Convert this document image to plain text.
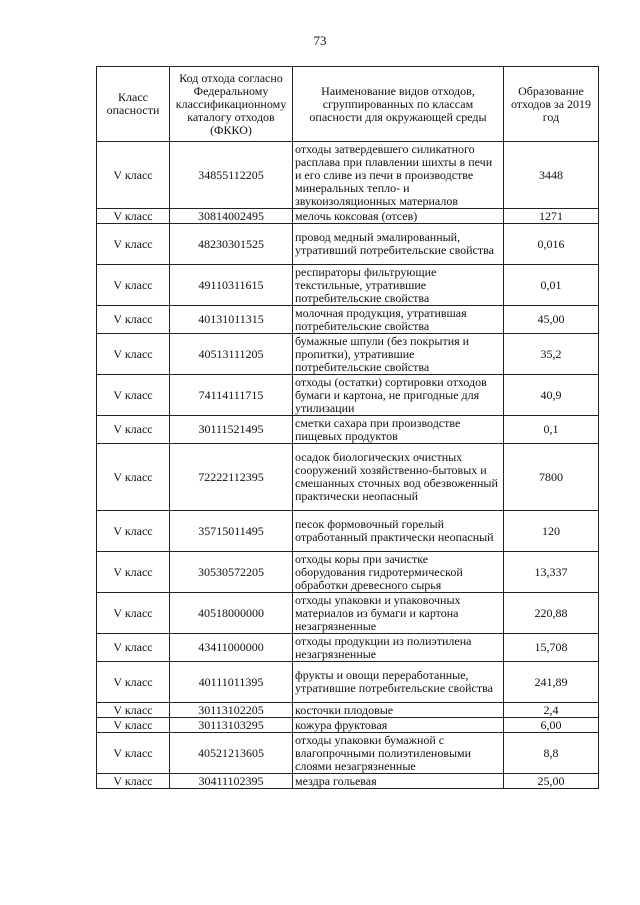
73
Класс опасности	Код отхода согласно Федеральному классификационному каталогу отходов (ФККО)	Наименование видов отходов, сгруппированных по классам опасности для окружающей среды	Образование отходов за 2019 год
V класс	34855112205	отходы затвердевшего силикатного расплава при плавлении шихты в печи и его сливе из печи в производстве минеральных тепло- и звукоизоляционных материалов	3448
V класс	30814002495	мелочь коксовая (отсев)	1271
V класс	48230301525	провод медный эмалированный, утративший потребительские свойства	0,016
V класс	49110311615	респираторы фильтрующие текстильные, утратившие потребительские свойства	0,01
V класс	40131011315	молочная продукция, утратившая потребительские свойства	45,00
V класс	40513111205	бумажные шпули (без покрытия и пропитки), утратившие потребительские свойства	35,2
V класс	74114111715	отходы (остатки) сортировки отходов бумаги и картона, не пригодные для утилизации	40,9
V класс	30111521495	сметки сахара при производстве пищевых продуктов	0,1
V класс	72222112395	осадок биологических очистных сооружений хозяйственно-бытовых и смешанных сточных вод обезвоженный практически неопасный	7800
V класс	35715011495	песок формовочный горелый отработанный практически неопасный	120
V класс	30530572205	отходы коры при зачистке оборудования гидротермической обработки древесного сырья	13,337
V класс	40518000000	отходы упаковки и упаковочных материалов из бумаги и картона незагрязненные	220,88
V класс	43411000000	отходы продукции из полиэтилена незагрязненные	15,708
V класс	40111011395	фрукты и овощи переработанные, утратившие потребительские свойства	241,89
V класс	30113102205	косточки плодовые	2,4
V класс	30113103295	кожура фруктовая	6,00
V класс	40521213605	отходы упаковки бумажной с влагопрочными полиэтиленовыми слоями незагрязненные	8,8
V класс	30411102395	мездра гольевая	25,00
